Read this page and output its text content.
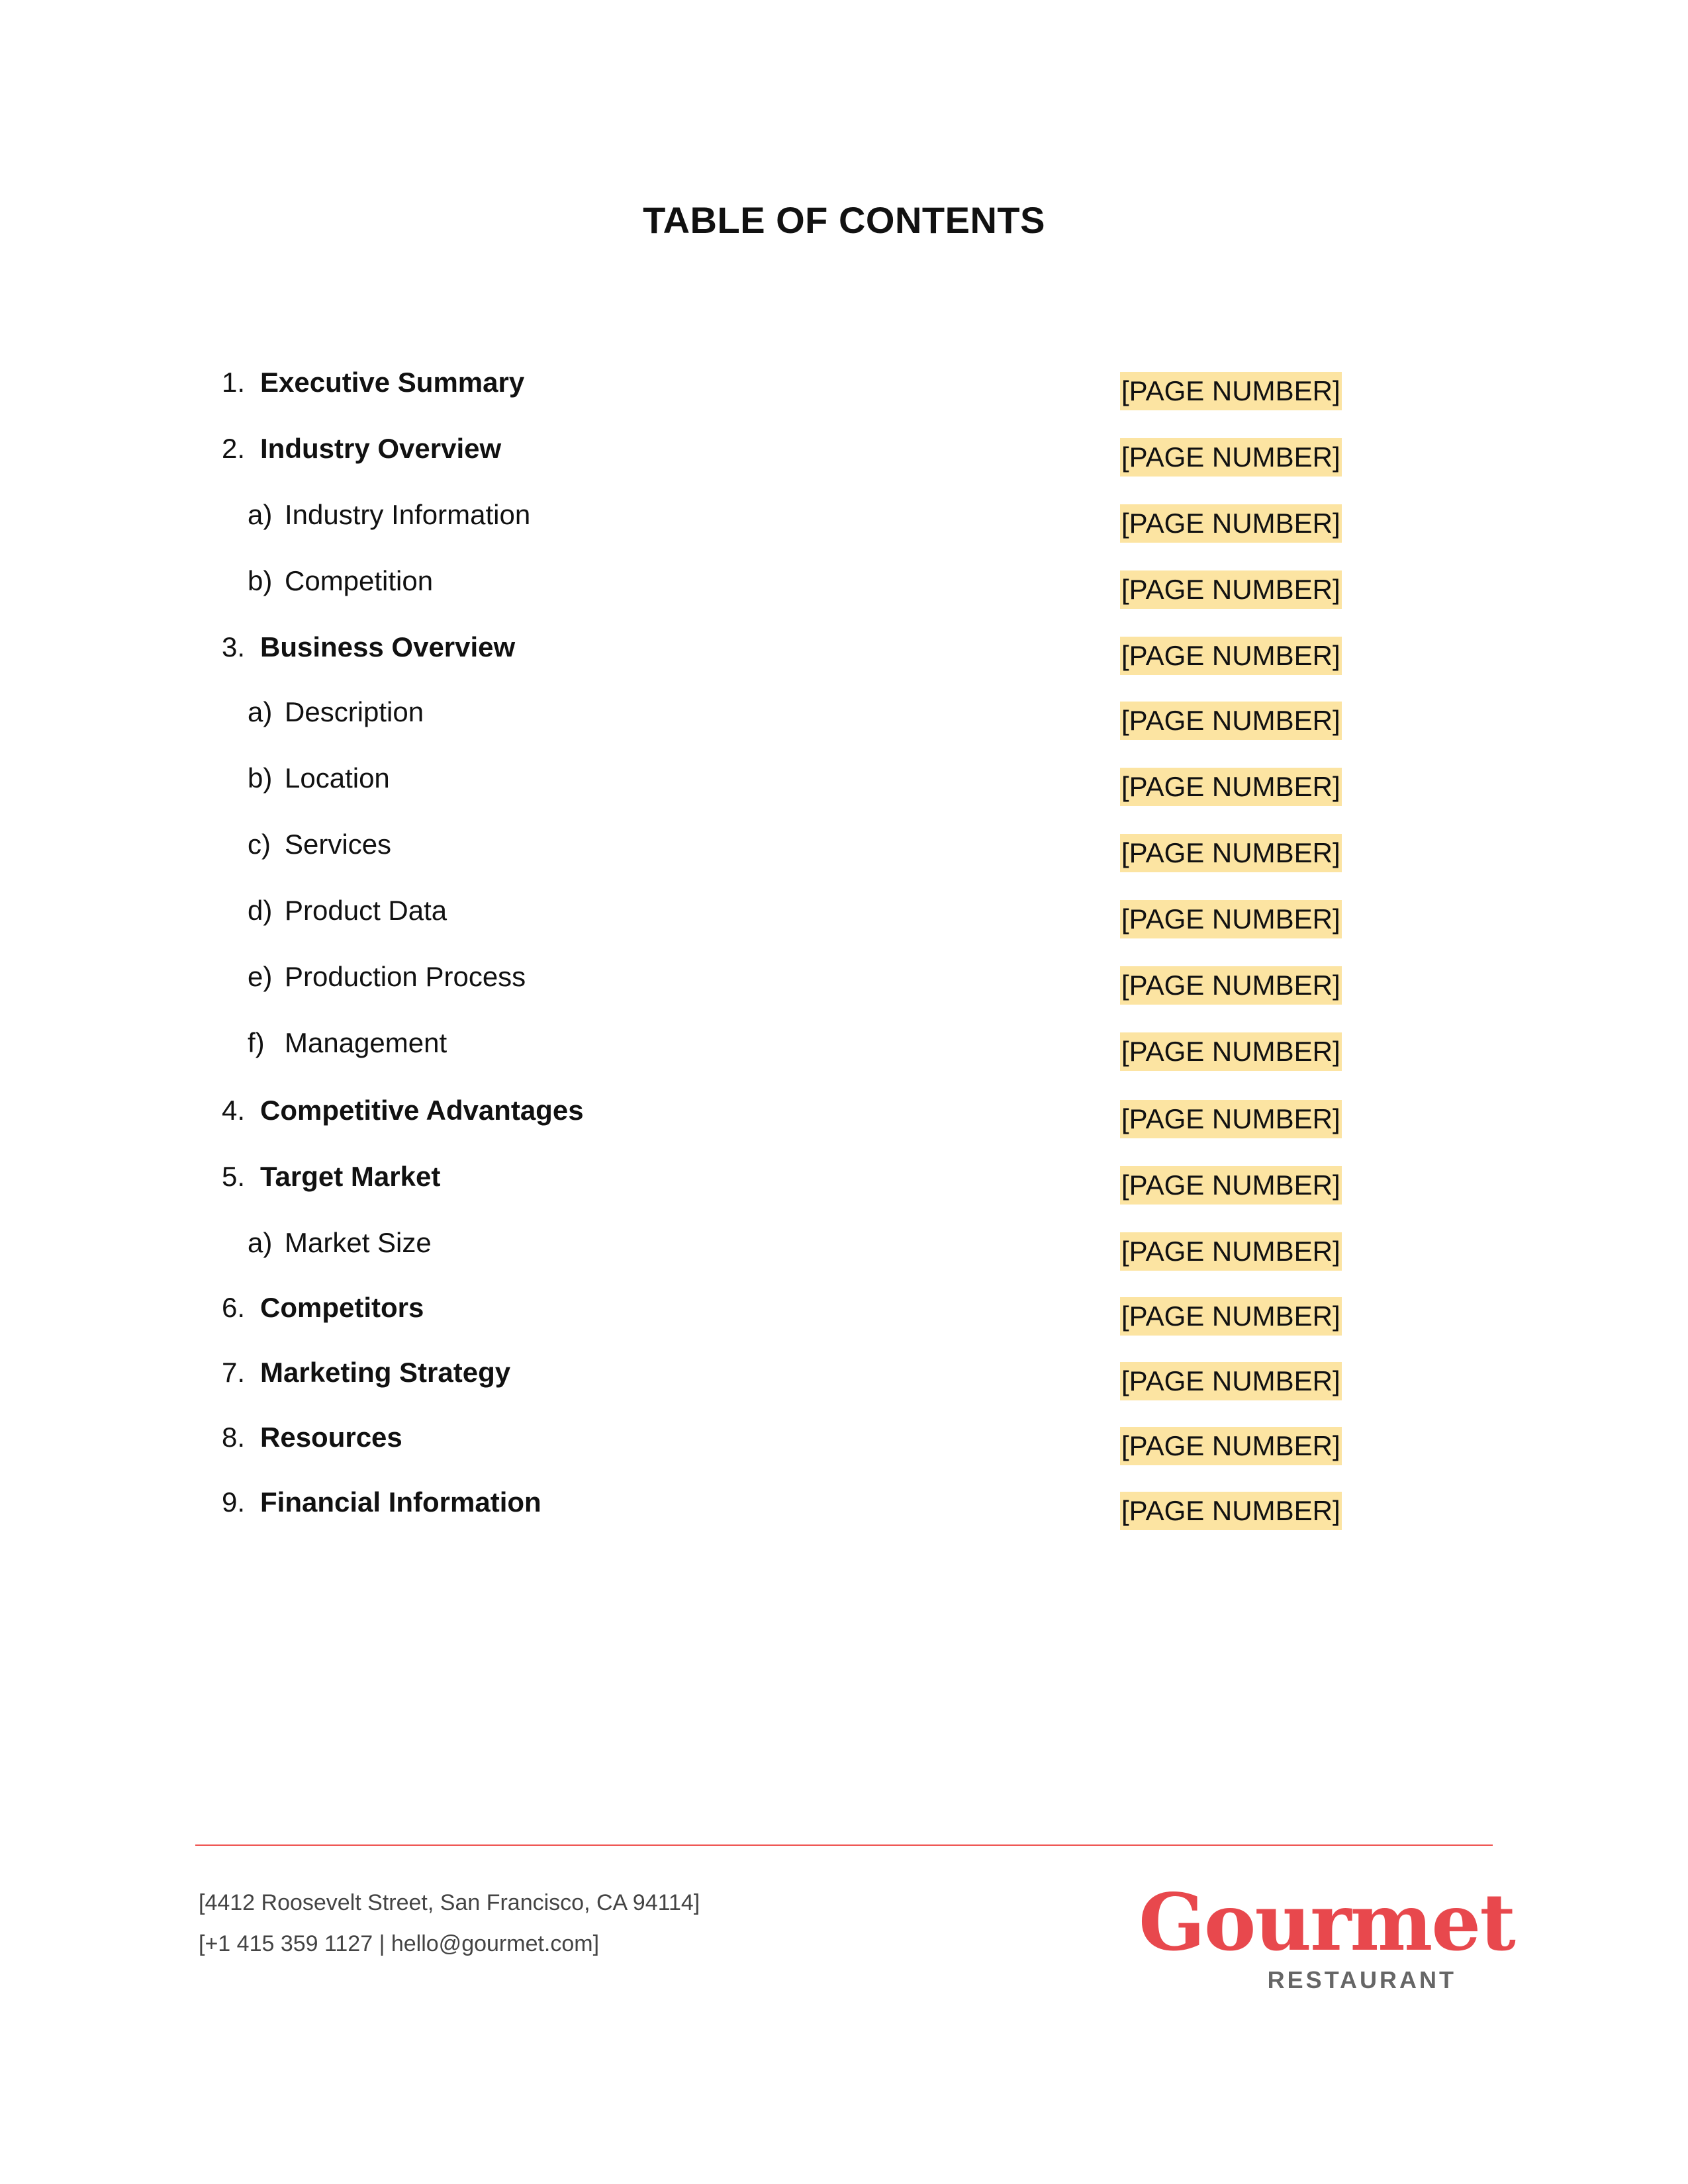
TABLE OF CONTENTS
1. Executive Summary	[PAGE NUMBER]
2. Industry Overview	[PAGE NUMBER]
a) Industry Information	[PAGE NUMBER]
b) Competition	[PAGE NUMBER]
3. Business Overview	[PAGE NUMBER]
a) Description	[PAGE NUMBER]
b) Location	[PAGE NUMBER]
c) Services	[PAGE NUMBER]
d) Product Data	[PAGE NUMBER]
e) Production Process	[PAGE NUMBER]
f) Management	[PAGE NUMBER]
4. Competitive Advantages	[PAGE NUMBER]
5. Target Market	[PAGE NUMBER]
a) Market Size	[PAGE NUMBER]
6. Competitors	[PAGE NUMBER]
7. Marketing Strategy	[PAGE NUMBER]
8. Resources	[PAGE NUMBER]
9. Financial Information	[PAGE NUMBER]
[4412 Roosevelt Street, San Francisco, CA 94114]
[+1 415 359 1127 | hello@gourmet.com]	Gourmet
RESTAURANT
